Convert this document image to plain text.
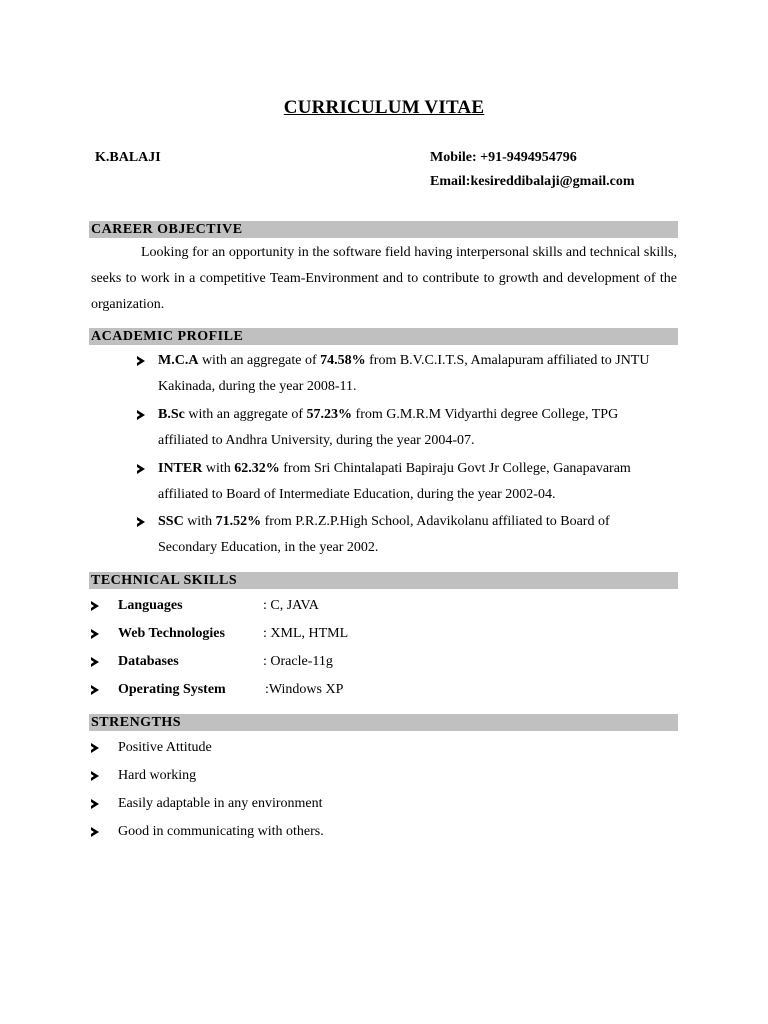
CURRICULUM VITAE
K.BALAJI	Mobile: +91-9494954796
Email:kesireddibalaji@gmail.com
CAREER OBJECTIVE
Looking for an opportunity in the software field having interpersonal skills and technical skills, seeks to work in a competitive Team-Environment and to contribute to growth and development of the organization.
ACADEMIC PROFILE
M.C.A with an aggregate of 74.58% from B.V.C.I.T.S, Amalapuram affiliated to JNTU Kakinada, during the year 2008-11.
B.Sc with an aggregate of 57.23% from G.M.R.M Vidyarthi degree College, TPG affiliated to Andhra University, during the year 2004-07.
INTER with 62.32% from Sri Chintalapati Bapiraju Govt Jr College, Ganapavaram affiliated to Board of Intermediate Education, during the year 2002-04.
SSC with 71.52% from P.R.Z.P.High School, Adavikolanu affiliated to Board of Secondary Education, in the year 2002.
TECHNICAL SKILLS
Languages	: C, JAVA
Web Technologies	: XML, HTML
Databases	: Oracle-11g
Operating System	:Windows XP
STRENGTHS
Positive Attitude
Hard working
Easily adaptable in any environment
Good in communicating with others.
